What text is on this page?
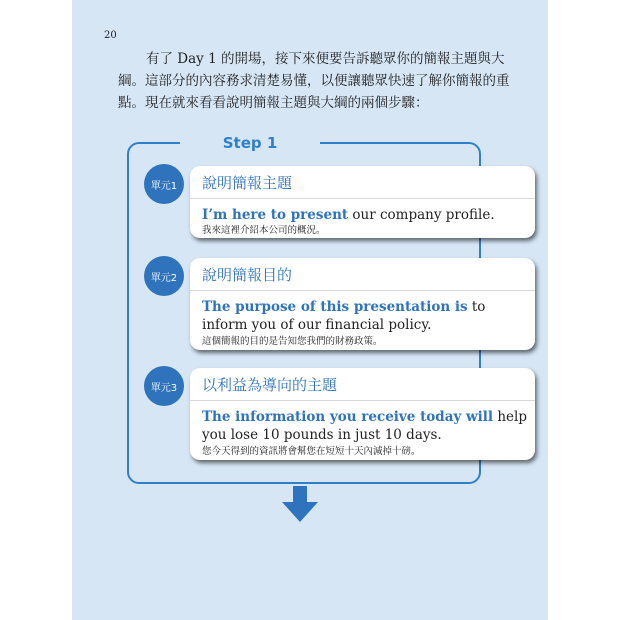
20

有了 Day 1 的開場，接下來便要告訴聽眾你的簡報主題與大綱。這部分的內容務求清楚易懂，以便讓聽眾快速了解你簡報的重點。現在就來看看說明簡報主題與大綱的兩個步驟：

Step 1
單元1	說明簡報主題
I’m here to present our company profile.
我來這裡介紹本公司的概況。
單元2	說明簡報目的
The purpose of this presentation is to inform you of our financial policy.
這個簡報的目的是告知您我們的財務政策。
單元3	以利益為導向的主題
The information you receive today will help you lose 10 pounds in just 10 days.
您今天得到的資訊將會幫您在短短十天內減掉十磅。
